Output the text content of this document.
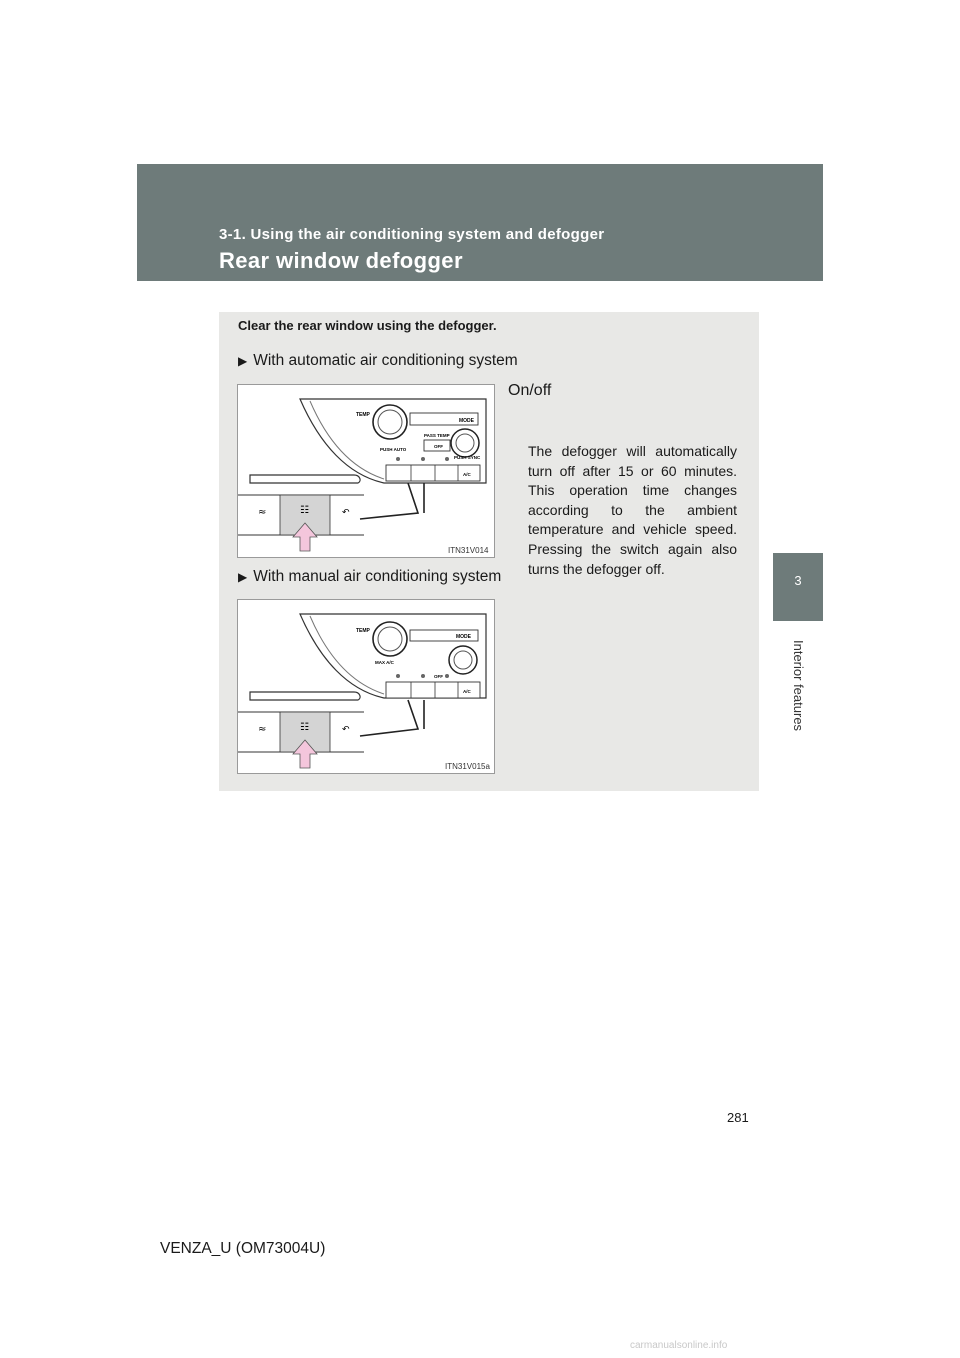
3-1. Using the air conditioning system and defogger
Rear window defogger
3
Interior features
Clear the rear window using the defogger.
▶ With automatic air conditioning system
TEMP
MODE
PASS TEMP
PUSH AUTO
OFF
PUSH SYNC
A/C
≈	☷	↶
ITN31V014
On/off
The defogger will automatically turn off after 15 or 60 minutes. This operation time changes according to the ambient temperature and vehicle speed. Pressing the switch again also turns the defogger off.
▶ With manual air conditioning system
TEMP
MODE
MAX A/C
OFF
A/C
≈	☷	↶
ITN31V015a
281
VENZA_U (OM73004U)
carmanualsonline.info
